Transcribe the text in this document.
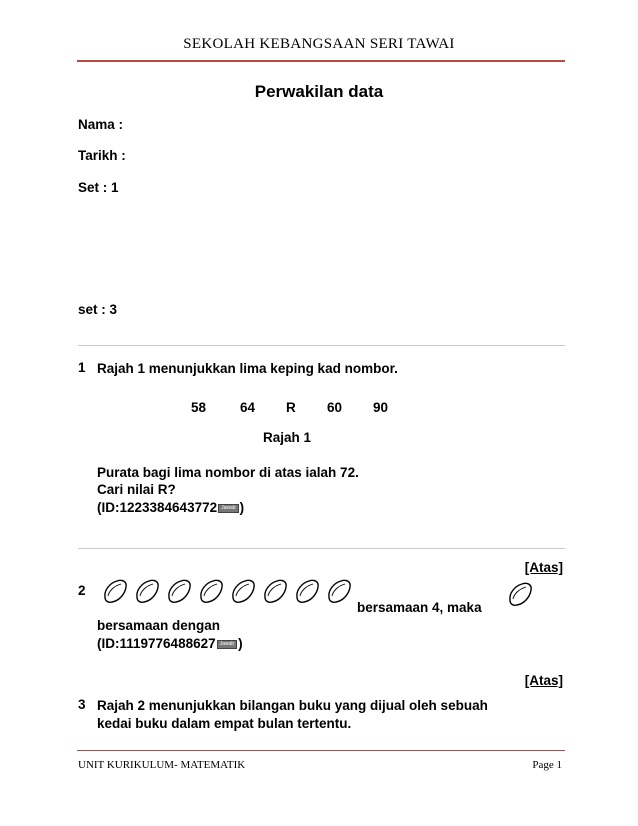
SEKOLAH KEBANGSAAN SERI TAWAI
Perwakilan data
Nama :
Tarikh :
Set : 1
set : 3
1 Rajah 1 menunjukkan lima keping kad nombor.
58	64 R 60 90
Rajah 1
Purata bagi lima nombor di atas ialah 72.
Cari nilai R?
(ID:1223384643772 Jawab )
[Atas]
2
bersamaan 4, maka
bersamaan dengan
(ID:1119776488627 Jawab )
[Atas]
3 Rajah 2 menunjukkan bilangan buku yang dijual oleh sebuah
kedai buku dalam empat bulan tertentu.
UNIT KURIKULUM- MATEMATIK	Page 1
